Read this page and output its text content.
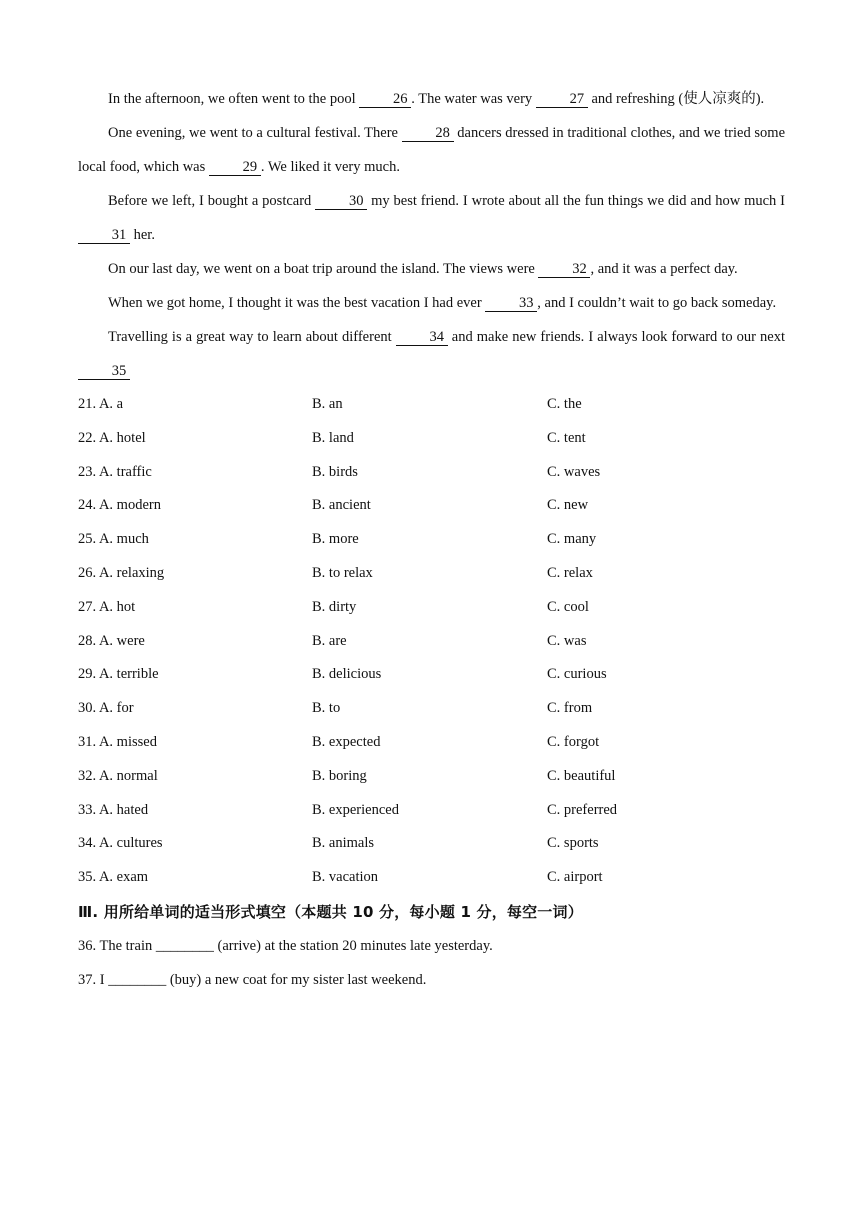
In the afternoon, we often went to the pool 26 . The water was very 27 and refreshing (使人凉爽的).

One evening, we went to a cultural festival. There 28 dancers dressed in traditional clothes, and we tried some local food, which was 29 . We liked it very much.

Before we left, I bought a postcard 30 my best friend. I wrote about all the fun things we did and how much I 31 her.

On our last day, we went on a boat trip around the island. The views were 32 , and it was a perfect day.

When we got home, I thought it was the best vacation I had ever 33 , and I couldn’t wait to go back someday.

Travelling is a great way to learn about different 34 and make new friends. I always look forward to our next 35

21. A. a	B. an	C. the
22. A. hotel	B. land	C. tent
23. A. traffic	B. birds	C. waves
24. A. modern	B. ancient	C. new
25. A. much	B. more	C. many
26. A. relaxing	B. to relax	C. relax
27. A. hot	B. dirty	C. cool
28. A. were	B. are	C. was
29. A. terrible	B. delicious	C. curious
30. A. for	B. to	C. from
31. A. missed	B. expected	C. forgot
32. A. normal	B. boring	C. beautiful
33. A. hated	B. experienced	C. preferred
34. A. cultures	B. animals	C. sports
35. A. exam	B. vacation	C. airport

Ⅲ. 用所给单词的适当形式填空（本题共 10 分，每小题 1 分，每空一词）

36. The train ________ (arrive) at the station 20 minutes late yesterday.

37. I ________ (buy) a new coat for my sister last weekend.
